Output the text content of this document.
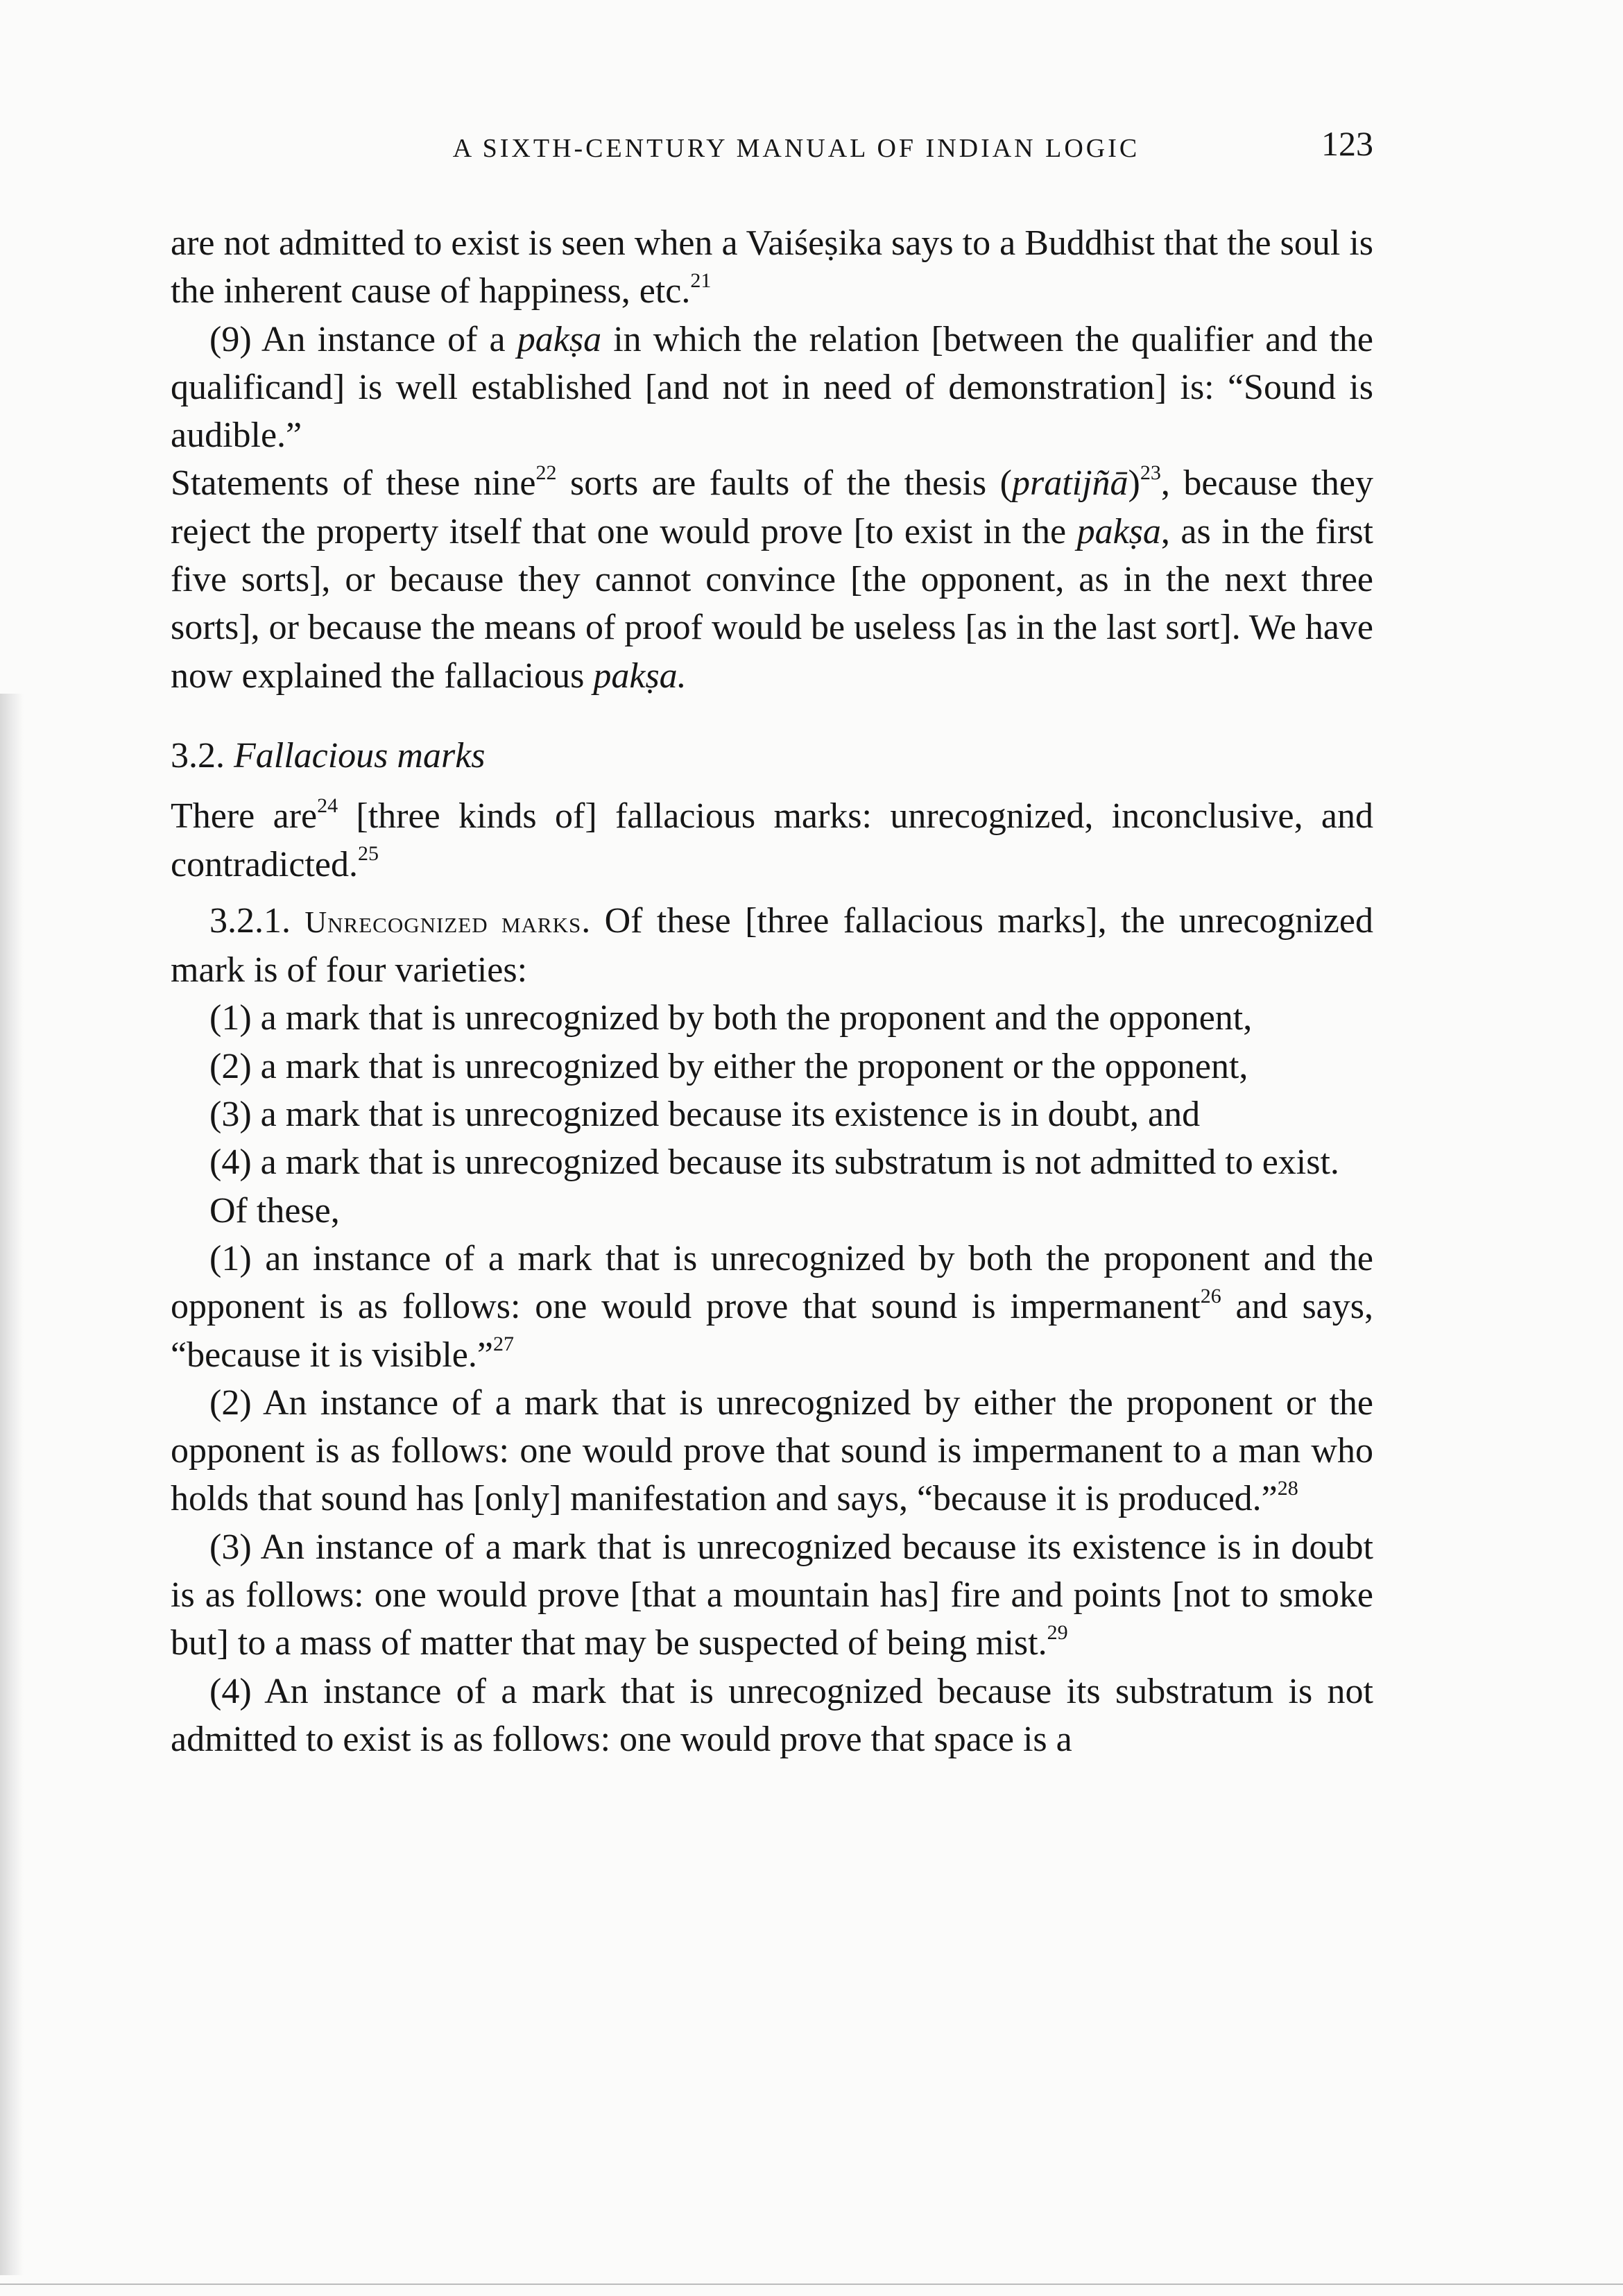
A SIXTH-CENTURY MANUAL OF INDIAN LOGIC	123

are not admitted to exist is seen when a Vaiśeṣika says to a Buddhist that the soul is the inherent cause of happiness, etc.$^{21}$

(9) An instance of a pakṣa in which the relation [between the qualifier and the qualificand] is well established [and not in need of demonstration] is: “Sound is audible.”

Statements of these nine$^{22}$ sorts are faults of the thesis (pratijñā)$^{23}$, because they reject the property itself that one would prove [to exist in the pakṣa, as in the first five sorts], or because they cannot convince [the opponent, as in the next three sorts], or because the means of proof would be useless [as in the last sort]. We have now explained the fallacious pakṣa.

3.2. Fallacious marks

There are$^{24}$ [three kinds of] fallacious marks: unrecognized, inconclusive, and contradicted.$^{25}$

3.2.1. Unrecognized marks. Of these [three fallacious marks], the unrecognized mark is of four varieties:

(1) a mark that is unrecognized by both the proponent and the opponent,

(2) a mark that is unrecognized by either the proponent or the opponent,

(3) a mark that is unrecognized because its existence is in doubt, and

(4) a mark that is unrecognized because its substratum is not admitted to exist.

Of these,

(1) an instance of a mark that is unrecognized by both the proponent and the opponent is as follows: one would prove that sound is impermanent$^{26}$ and says, “because it is visible.”$^{27}$

(2) An instance of a mark that is unrecognized by either the proponent or the opponent is as follows: one would prove that sound is impermanent to a man who holds that sound has [only] manifestation and says, “because it is produced.”$^{28}$

(3) An instance of a mark that is unrecognized because its existence is in doubt is as follows: one would prove [that a mountain has] fire and points [not to smoke but] to a mass of matter that may be suspected of being mist.$^{29}$

(4) An instance of a mark that is unrecognized because its substratum is not admitted to exist is as follows: one would prove that space is a
